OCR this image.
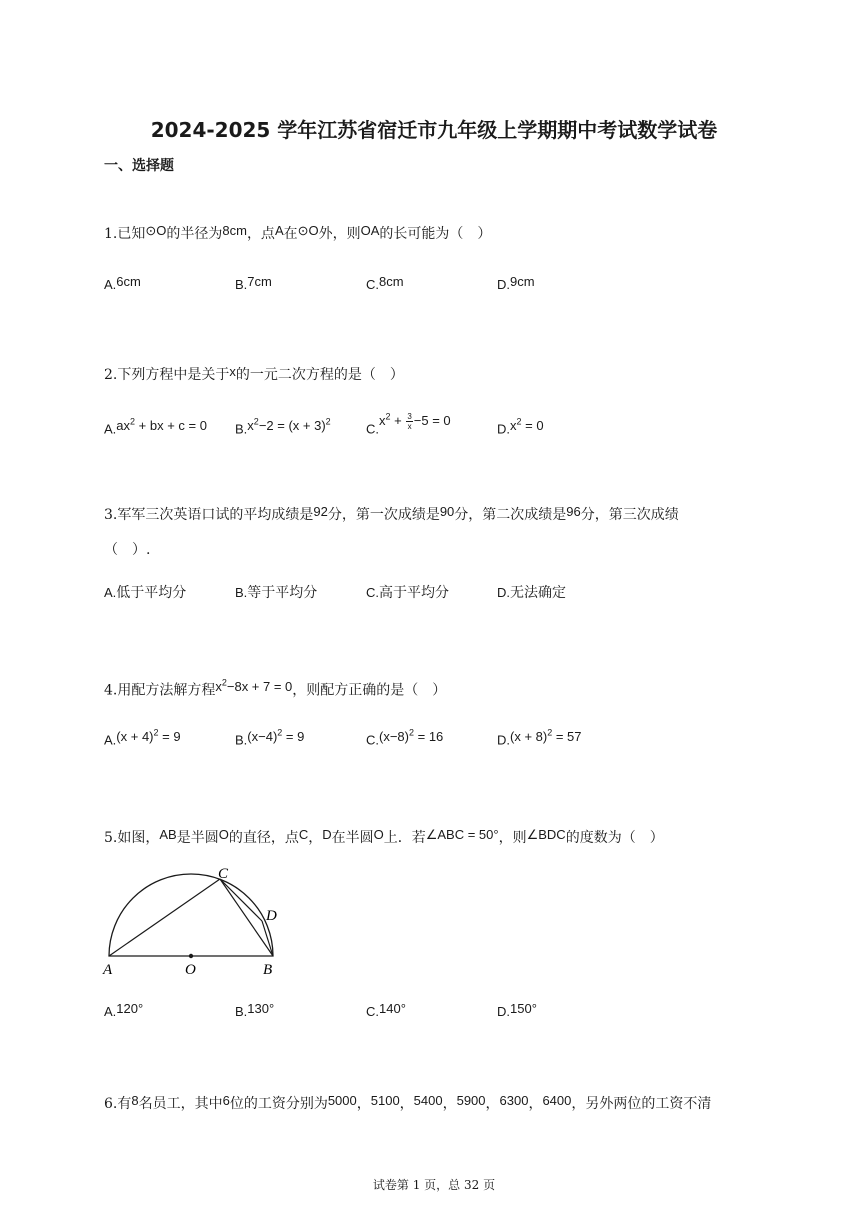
2024-2025 学年江苏省宿迁市九年级上学期期中考试数学试卷
一、选择题
1.已知⊙O的半径为8cm，点A在⊙O外，则OA的长可能为（　）
A.6cm	B.7cm	C.8cm	D.9cm
2.下列方程中是关于x的一元二次方程的是（　）
$A.ax^2$ + bx + c = 0 $B.x^2-2 = (x + 3)^2$	$C.x^2 + \frac{3}{x} -5 = 0$
$D.x^2 = 0$
3.军军三次英语口试的平均成绩是92分，第一次成绩是90分，第二次成绩是96分，第三次成绩
（　）.
A.低于平均分	B.等于平均分	C.高于平均分	D.无法确定
4.用配方法解方程$x^2-8x + 7 = 0$，则配方正确的是（　）
$A.(x + 4)^2 = 9$	$B.(x-4)^2 = 9$	$C.(x-8)^2 = 16$	$D.(x + 8)^2 = 57$
5.如图，AB是半圆O的直径，点C，D在半圆O上．若∠ABC = 50°，则∠BDC的度数为（　）
A	O	B
C
D
A.120°	B.130°	C.140°	D.150°
6.有8名员工，其中6位的工资分别为5000，5100，5400，5900，6300，6400，另外两位的工资不清
试卷第 1 页，总 32 页
